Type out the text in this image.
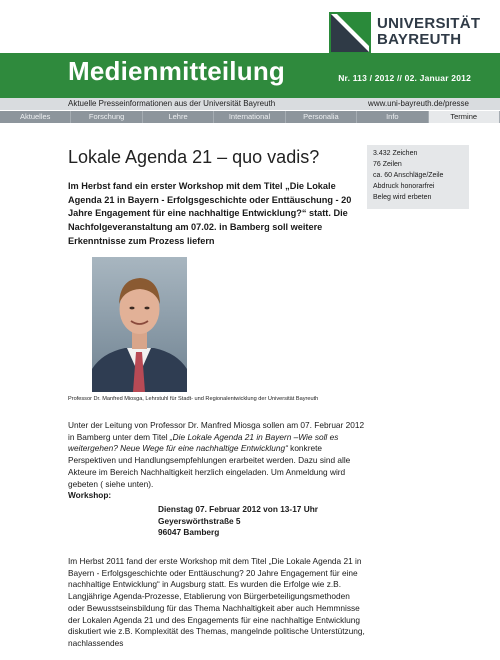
UNIVERSITÄT
BAYREUTH
Medienmitteilung	Nr. 113 / 2012 // 02. Januar 2012
Aktuelle Presseinformationen aus der Universität Bayreuth	www.uni-bayreuth.de/presse
Aktuelles	Forschung	Lehre	International	Personalia	Info	Termine
Lokale Agenda 21 – quo vadis?
Im Herbst fand ein erster Workshop mit dem Titel „Die Lokale Agenda 21 in Bayern - Erfolgsgeschichte oder Enttäuschung - 20 Jahre Engagement für eine nachhaltige Entwicklung?“ statt. Die Nachfolgeveranstaltung am 07.02. in Bamberg soll weitere Erkenntnisse zum Prozess liefern
3.432 Zeichen
76 Zeilen
ca. 60 Anschläge/Zeile
Abdruck honorarfrei
Beleg wird erbeten
Professor Dr. Manfred Miosga, Lehrstuhl für Stadt- und Regionalentwicklung der Universität Bayreuth

Unter der Leitung von Professor Dr. Manfred Miosga sollen am 07. Februar 2012 in Bamberg unter dem Titel „Die Lokale Agenda 21 in Bayern –Wie soll es weitergehen? Neue Wege für eine nachhaltige Entwicklung“ konkrete Perspektiven und Handlungsempfehlungen erarbeitet werden. Dazu sind alle Akteure im Bereich Nachhaltigkeit herzlich eingeladen. Um Anmeldung wird gebeten ( siehe unten).

Workshop:
Dienstag 07. Februar 2012 von 13-17 Uhr
Geyerswörthstraße 5
96047 Bamberg
Im Herbst 2011 fand der erste Workshop mit dem Titel „Die Lokale Agenda 21 in Bayern - Erfolgsgeschichte oder Enttäuschung? 20 Jahre Engagement für eine nachhaltige Entwicklung“ in Augsburg statt. Es wurden die Erfolge wie z.B. Langjährige Agenda-Prozesse, Etablierung von Bürgerbeteiligungsmethoden oder Bewusstseinsbildung für das Thema Nachhaltigkeit aber auch Hemmnisse der Lokalen Agenda 21 und des Engagements für eine nachhaltige Entwicklung diskutiert wie z.B. Komplexität des Themas, mangelnde politische Unterstützung, nachlassendes
